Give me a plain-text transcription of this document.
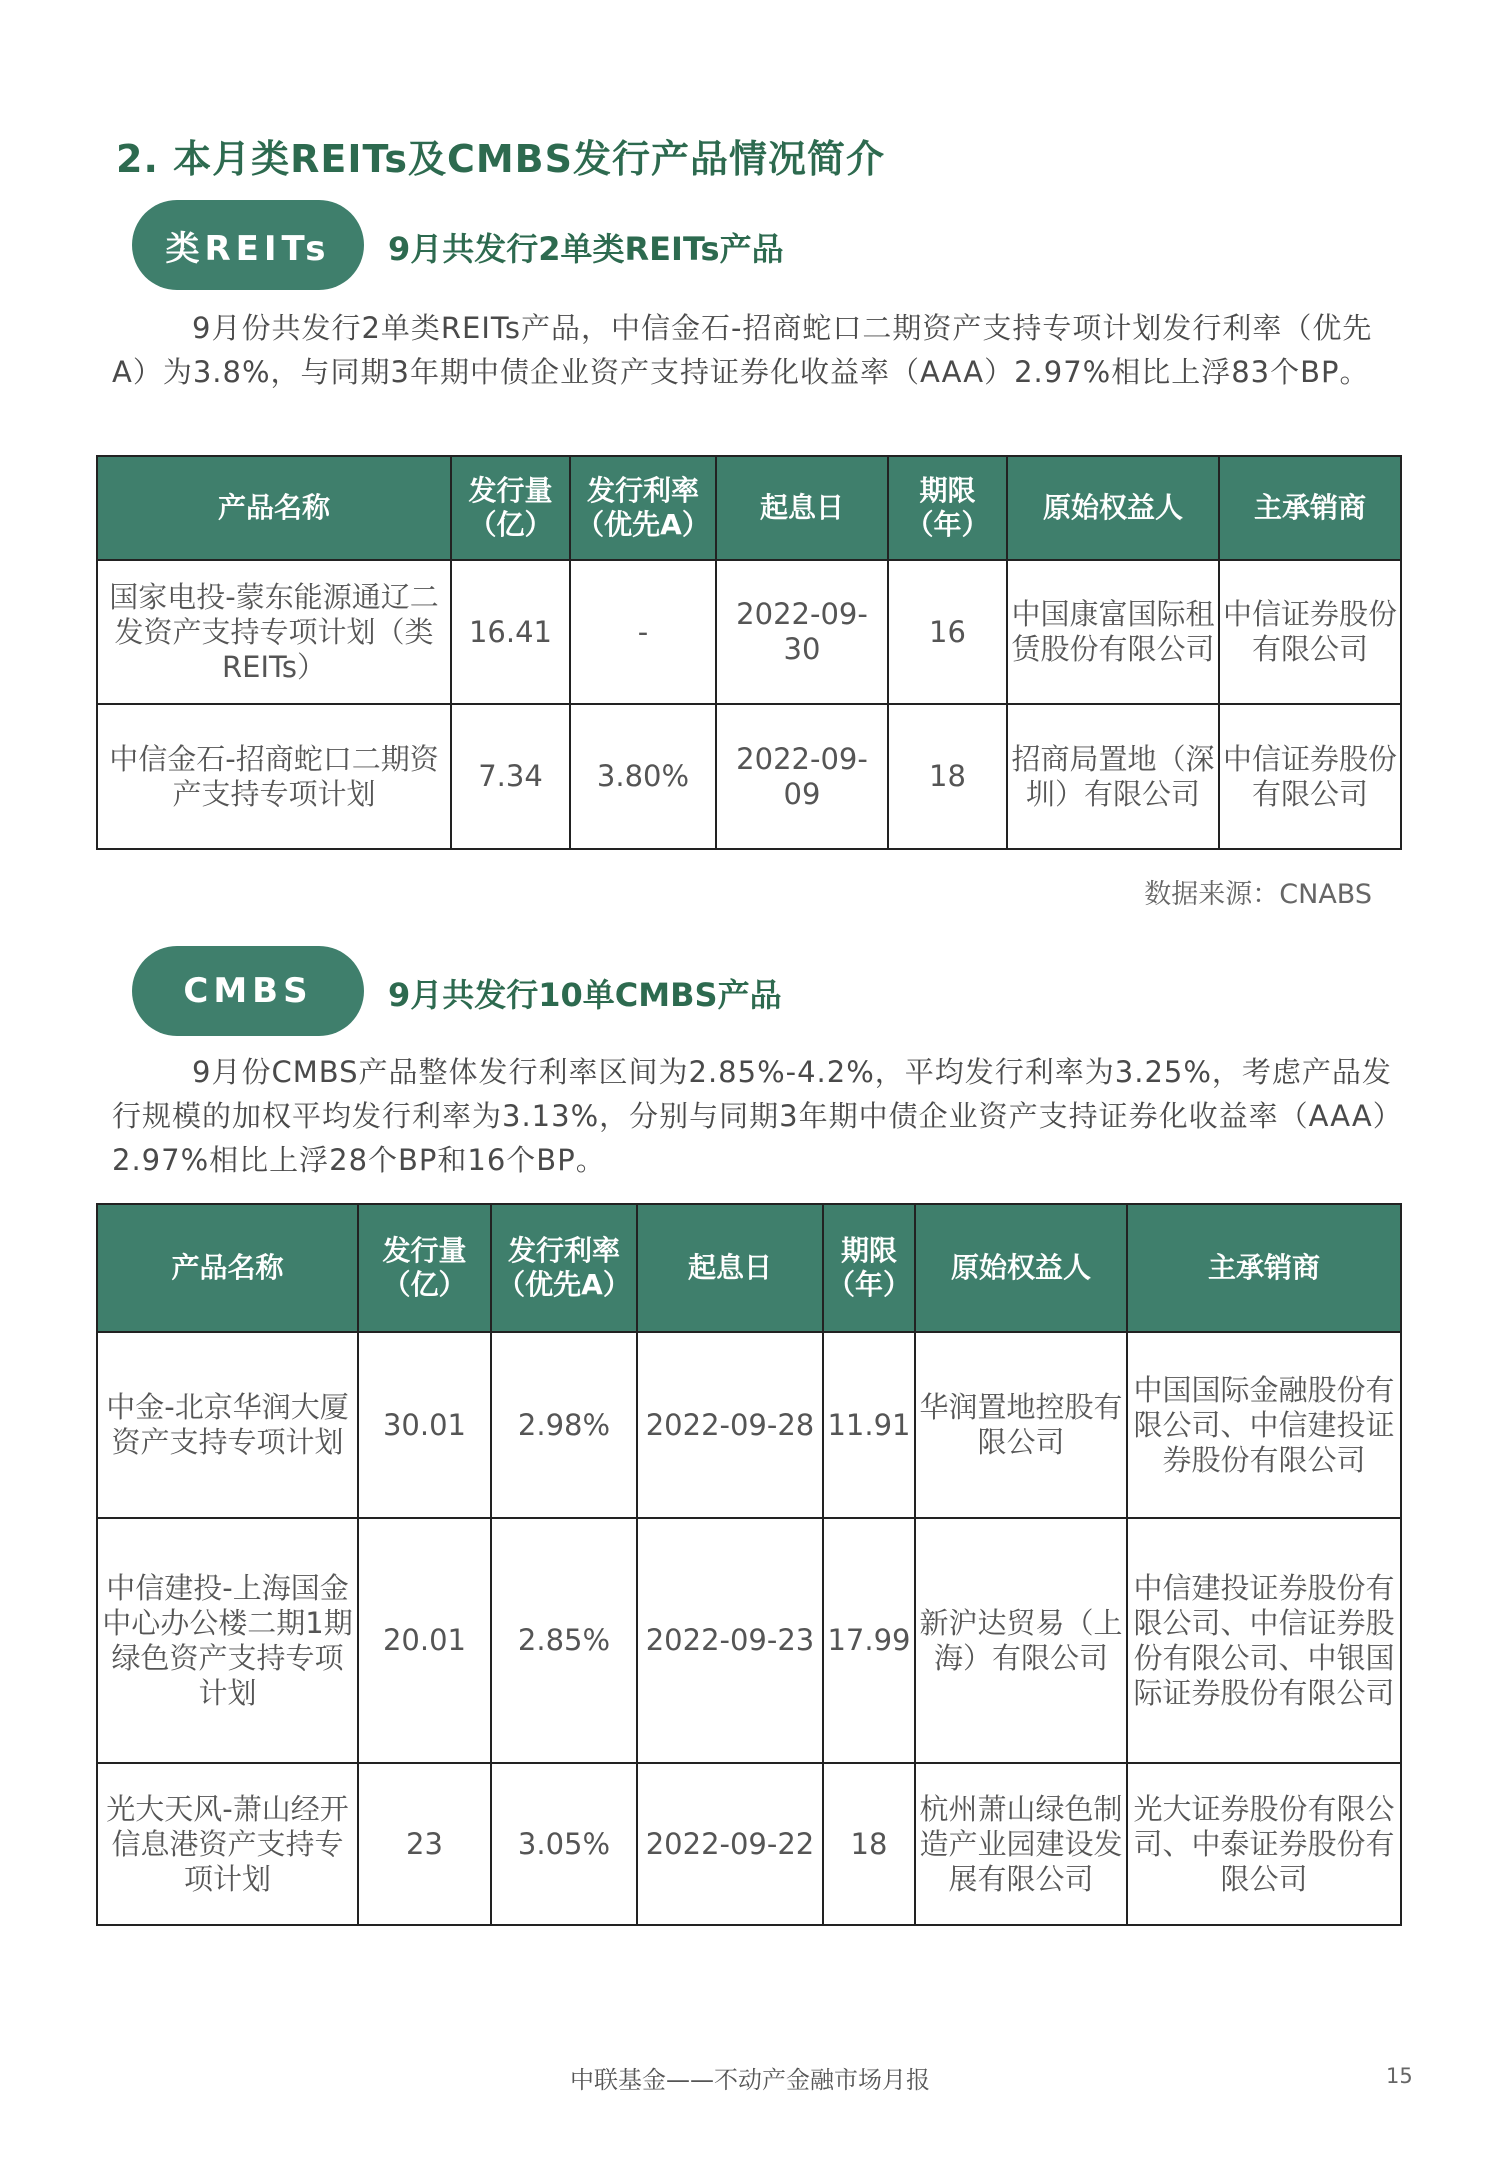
2. 本月类REITs及CMBS发行产品情况简介
类REITs	9月共发行2单类REITs产品

9月份共发行2单类REITs产品，中信金石-招商蛇口二期资产支持专项计划发行利率（优先A）为3.8%，与同期3年期中债企业资产支持证券化收益率（AAA）2.97%相比上浮83个BP。

产品名称	发行量（亿）	发行利率（优先A）	起息日	期限（年）	原始权益人	主承销商
国家电投-蒙东能源通辽二发资产支持专项计划（类REITs）	16.41	-	2022-09-30	16	中国康富国际租赁股份有限公司	中信证券股份有限公司
中信金石-招商蛇口二期资产支持专项计划	7.34	3.80%	2022-09-09	18	招商局置地（深圳）有限公司	中信证券股份有限公司
数据来源：CNABS
CMBS	9月共发行10单CMBS产品

9月份CMBS产品整体发行利率区间为2.85%-4.2%，平均发行利率为3.25%，考虑产品发行规模的加权平均发行利率为3.13%，分别与同期3年期中债企业资产支持证券化收益率（AAA）2.97%相比上浮28个BP和16个BP。

产品名称	发行量（亿）	发行利率（优先A）	起息日	期限（年）	原始权益人	主承销商
中金-北京华润大厦资产支持专项计划	30.01	2.98%	2022-09-28	11.91	华润置地控股有限公司	中国国际金融股份有限公司、中信建投证券股份有限公司
中信建投-上海国金中心办公楼二期1期绿色资产支持专项计划	20.01	2.85%	2022-09-23	17.99	新沪达贸易（上海）有限公司	中信建投证券股份有限公司、中信证券股份有限公司、中银国际证券股份有限公司
光大天风-萧山经开信息港资产支持专项计划	23	3.05%	2022-09-22	18	杭州萧山绿色制造产业园建设发展有限公司	光大证券股份有限公司、中泰证券股份有限公司
中联基金——不动产金融市场月报	15
